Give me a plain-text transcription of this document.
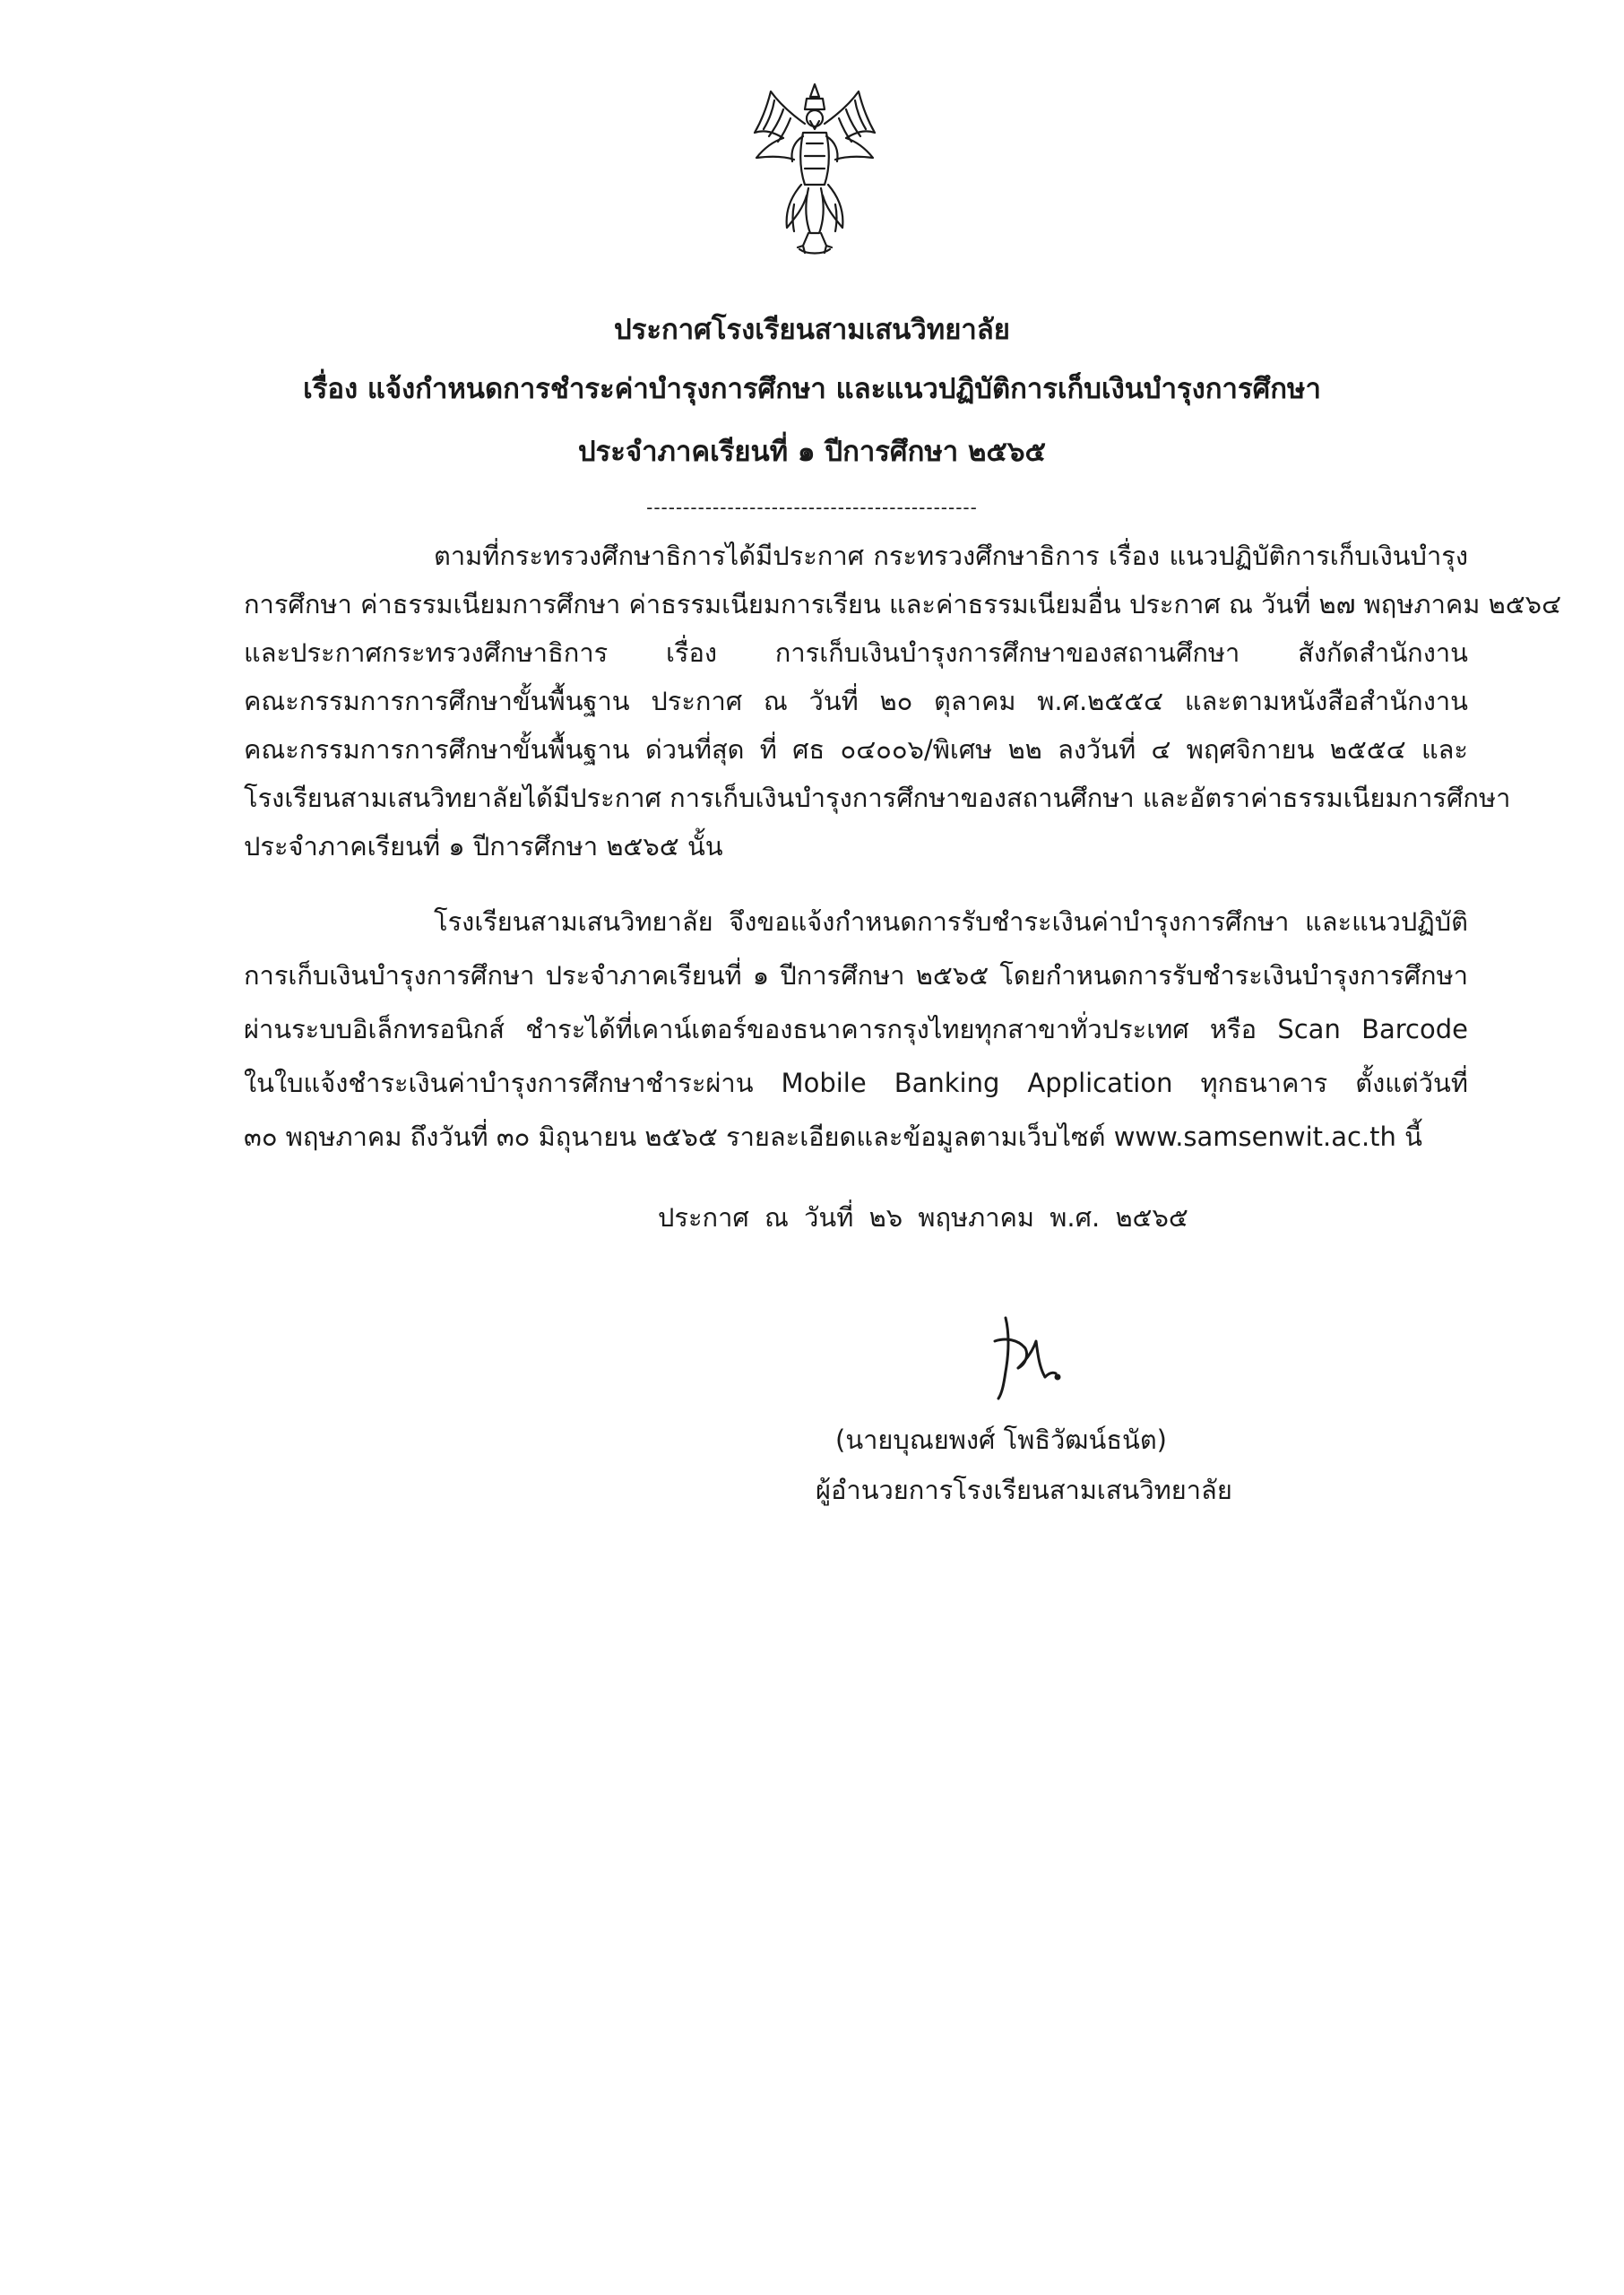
ประกาศโรงเรียนสามเสนวิทยาลัย
เรื่อง แจ้งกำหนดการชำระค่าบำรุงการศึกษา และแนวปฏิบัติการเก็บเงินบำรุงการศึกษา
ประจำภาคเรียนที่ ๑ ปีการศึกษา ๒๕๖๕
---------------------------------------------
ตามที่กระทรวงศึกษาธิการได้มีประกาศ กระทรวงศึกษาธิการ เรื่อง แนวปฏิบัติการเก็บเงินบำรุง
การศึกษา ค่าธรรมเนียมการศึกษา ค่าธรรมเนียมการเรียน และค่าธรรมเนียมอื่น ประกาศ ณ วันที่ ๒๗ พฤษภาคม ๒๕๖๔
และประกาศกระทรวงศึกษาธิการ เรื่อง การเก็บเงินบำรุงการศึกษาของสถานศึกษา สังกัดสำนักงาน
คณะกรรมการการศึกษาขั้นพื้นฐาน ประกาศ ณ วันที่ ๒๐ ตุลาคม พ.ศ.๒๕๕๔ และตามหนังสือสำนักงาน
คณะกรรมการการศึกษาขั้นพื้นฐาน ด่วนที่สุด ที่ ศธ ๐๔๐๐๖/พิเศษ ๒๒ ลงวันที่ ๔ พฤศจิกายน ๒๕๕๔ และ
โรงเรียนสามเสนวิทยาลัยได้มีประกาศ การเก็บเงินบำรุงการศึกษาของสถานศึกษา และอัตราค่าธรรมเนียมการศึกษา
ประจำภาคเรียนที่ ๑ ปีการศึกษา ๒๕๖๕ นั้น
โรงเรียนสามเสนวิทยาลัย จึงขอแจ้งกำหนดการรับชำระเงินค่าบำรุงการศึกษา และแนวปฏิบัติ
การเก็บเงินบำรุงการศึกษา ประจำภาคเรียนที่ ๑ ปีการศึกษา ๒๕๖๕ โดยกำหนดการรับชำระเงินบำรุงการศึกษา
ผ่านระบบอิเล็กทรอนิกส์ ชำระได้ที่เคาน์เตอร์ของธนาคารกรุงไทยทุกสาขาทั่วประเทศ หรือ Scan Barcode
ในใบแจ้งชำระเงินค่าบำรุงการศึกษาชำระผ่าน Mobile Banking Application ทุกธนาคาร ตั้งแต่วันที่
๓๐ พฤษภาคม ถึงวันที่ ๓๐ มิถุนายน ๒๕๖๕ รายละเอียดและข้อมูลตามเว็บไซต์ www.samsenwit.ac.th นี้
ประกาศ ณ วันที่ ๒๖ พฤษภาคม พ.ศ. ๒๕๖๕
(นายบุณยพงศ์ โพธิวัฒน์ธนัต)
ผู้อำนวยการโรงเรียนสามเสนวิทยาลัย
